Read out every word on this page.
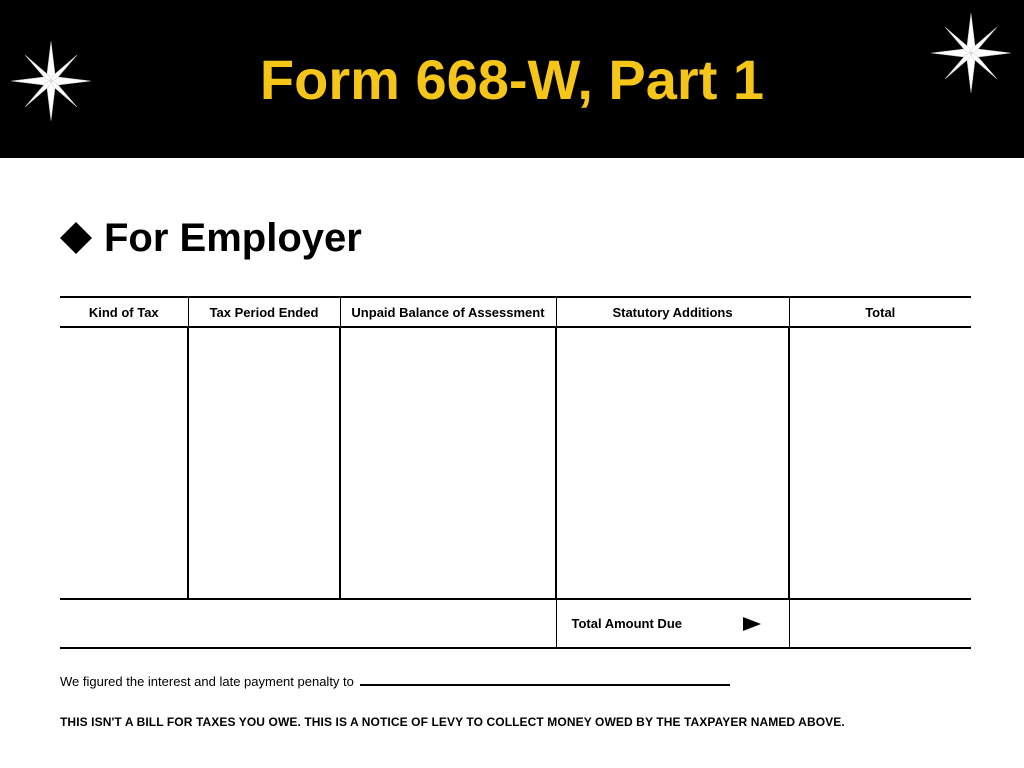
Form 668-W, Part 1
For Employer
Kind of Tax	Tax Period Ended	Unpaid Balance of Assessment	Statutory Additions	Total

			Total Amount Due	

We figured the interest and late payment penalty to
THIS ISN'T A BILL FOR TAXES YOU OWE. THIS IS A NOTICE OF LEVY TO COLLECT MONEY OWED BY THE TAXPAYER NAMED ABOVE.
